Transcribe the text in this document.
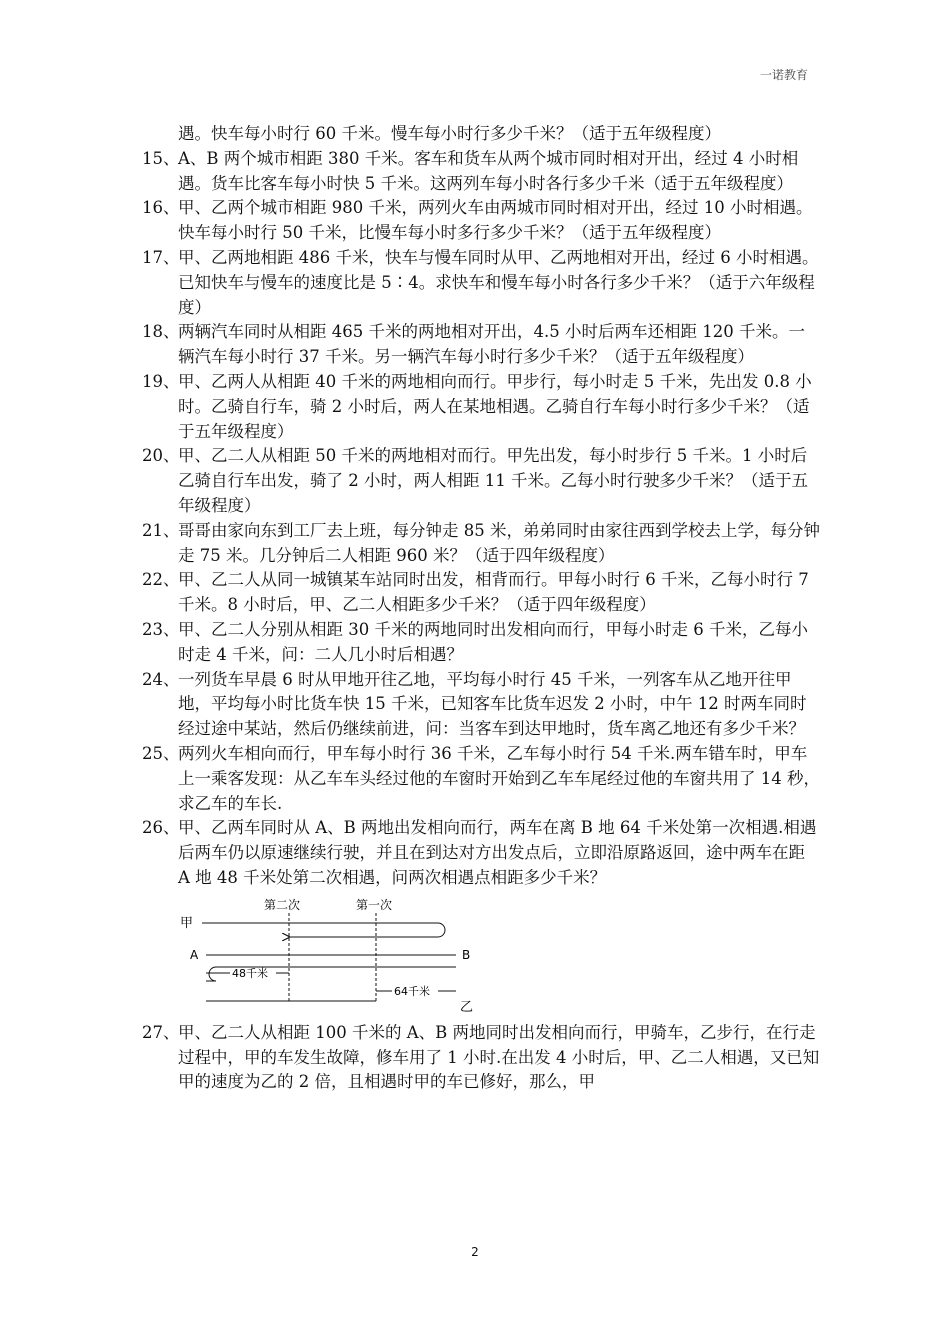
一诺教育
遇。快车每小时行 60 千米。慢车每小时行多少千米？（适于五年级程度）
15、
A、B 两个城市相距 380 千米。客车和货车从两个城市同时相对开出，经过 4 小时相遇。货车比客车每小时快 5 千米。这两列车每小时各行多少千米（适于五年级程度）
16、
甲、乙两个城市相距 980 千米，两列火车由两城市同时相对开出，经过 10 小时相遇。快车每小时行 50 千米，比慢车每小时多行多少千米？（适于五年级程度）
17、
甲、乙两地相距 486 千米，快车与慢车同时从甲、乙两地相对开出，经过 6 小时相遇。已知快车与慢车的速度比是 5∶4。求快车和慢车每小时各行多少千米？（适于六年级程度）
18、
两辆汽车同时从相距 465 千米的两地相对开出，4.5 小时后两车还相距 120 千米。一辆汽车每小时行 37 千米。另一辆汽车每小时行多少千米？（适于五年级程度）
19、
甲、乙两人从相距 40 千米的两地相向而行。甲步行，每小时走 5 千米，先出发 0.8 小时。乙骑自行车，骑 2 小时后，两人在某地相遇。乙骑自行车每小时行多少千米？（适于五年级程度）
20、
甲、乙二人从相距 50 千米的两地相对而行。甲先出发，每小时步行 5 千米。1 小时后乙骑自行车出发，骑了 2 小时，两人相距 11 千米。乙每小时行驶多少千米？（适于五年级程度）
21、
哥哥由家向东到工厂去上班，每分钟走 85 米，弟弟同时由家往西到学校去上学，每分钟走 75 米。几分钟后二人相距 960 米？（适于四年级程度）
22、
甲、乙二人从同一城镇某车站同时出发，相背而行。甲每小时行 6 千米，乙每小时行 7 千米。8 小时后，甲、乙二人相距多少千米？（适于四年级程度）
23、
甲、乙二人分别从相距 30 千米的两地同时出发相向而行，甲每小时走 6 千米，乙每小时走 4 千米，问：二人几小时后相遇？
24、
一列货车早晨 6 时从甲地开往乙地，平均每小时行 45 千米，一列客车从乙地开往甲地，平均每小时比货车快 15 千米，已知客车比货车迟发 2 小时，中午 12 时两车同时经过途中某站，然后仍继续前进，问：当客车到达甲地时，货车离乙地还有多少千米？
25、
两列火车相向而行，甲车每小时行 36 千米，乙车每小时行 54 千米.两车错车时，甲车上一乘客发现：从乙车车头经过他的车窗时开始到乙车车尾经过他的车窗共用了 14 秒，求乙车的车长.
26、
甲、乙两车同时从 A、B 两地出发相向而行，两车在离 B 地 64 千米处第一次相遇.相遇后两车仍以原速继续行驶，并且在到达对方出发点后，立即沿原路返回，途中两车在距 A 地 48 千米处第二次相遇，问两次相遇点相距多少千米？
甲
第二次	第一次
A	B
48千米
64千米
乙
27、
甲、乙二人从相距 100 千米的 A、B 两地同时出发相向而行，甲骑车，乙步行，在行走过程中，甲的车发生故障，修车用了 1 小时.在出发 4 小时后，甲、乙二人相遇，又已知甲的速度为乙的 2 倍，且相遇时甲的车已修好，那么，甲
2
